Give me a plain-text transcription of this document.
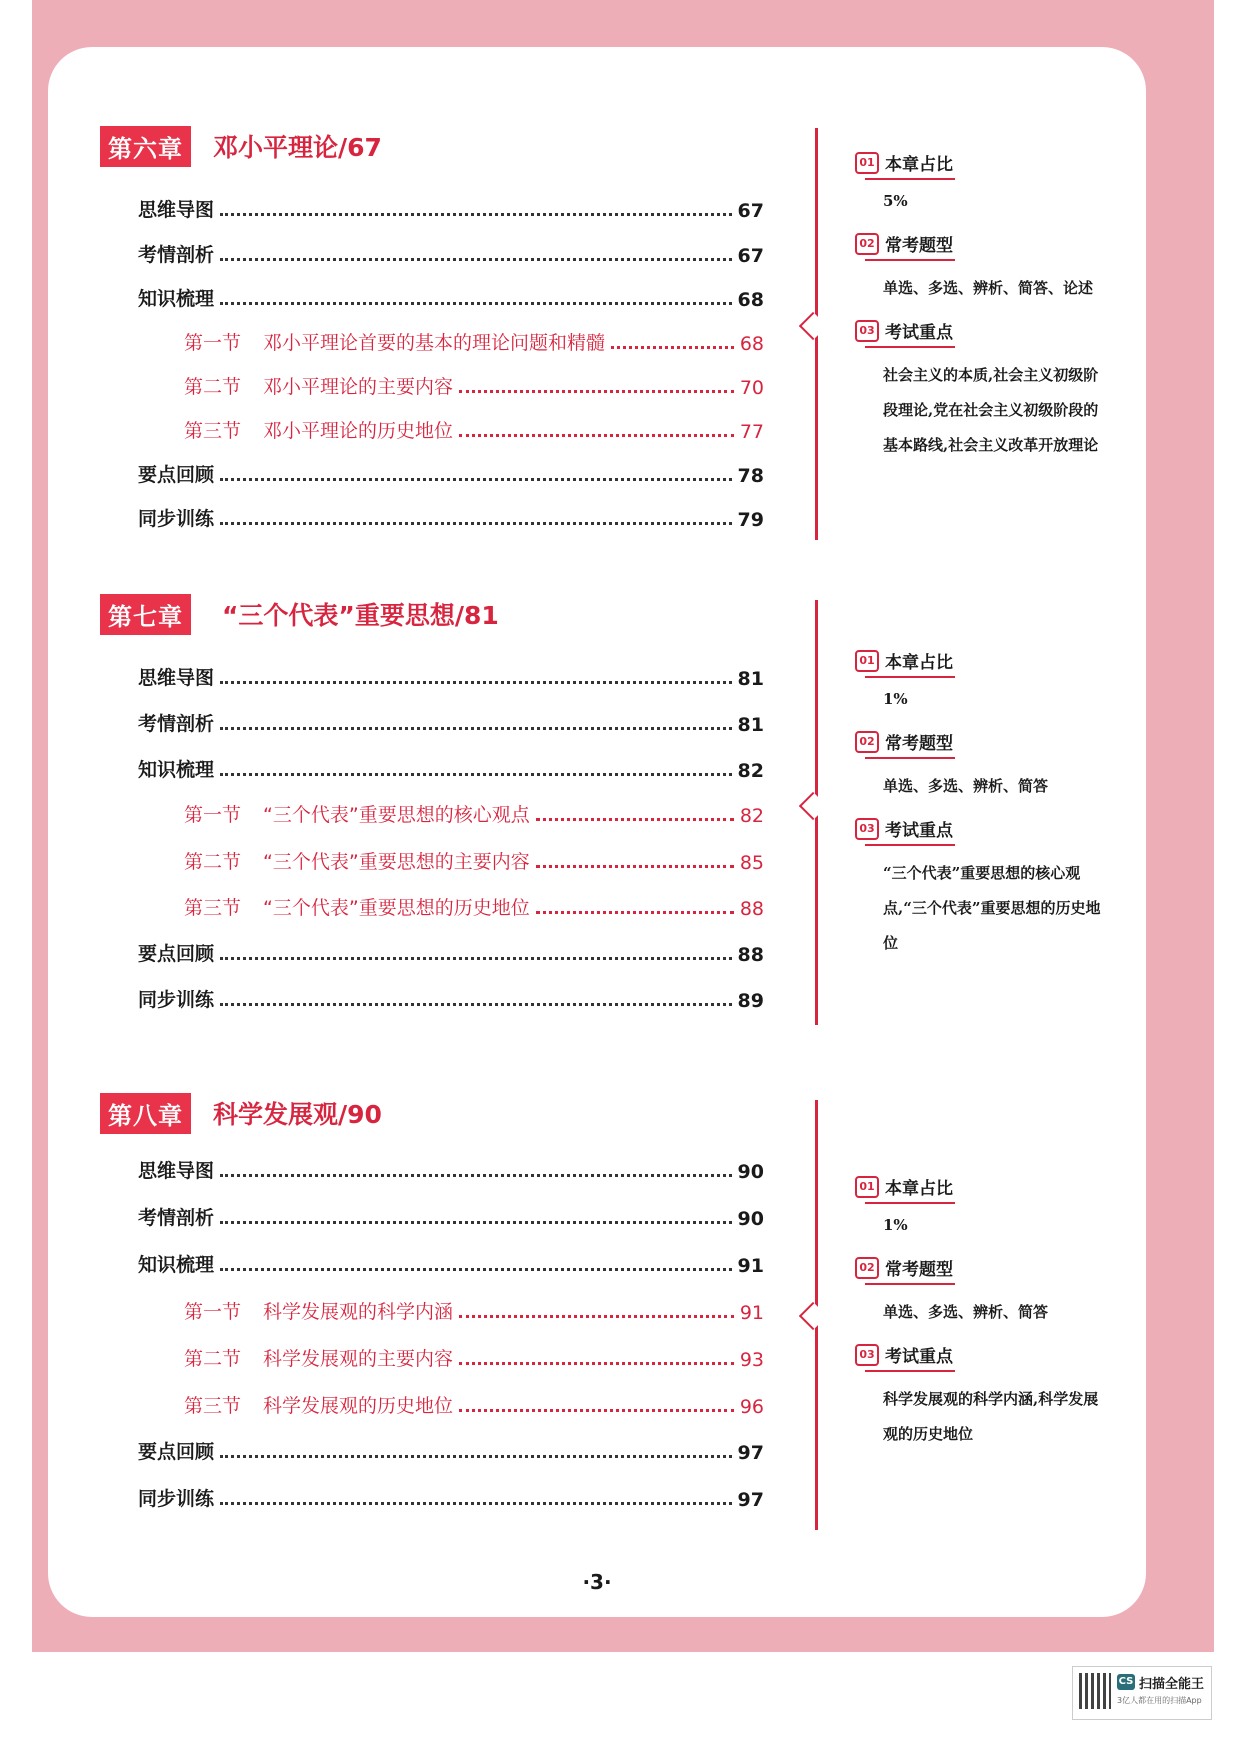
第六章	邓小平理论/67
思维导图	67
考情剖析	67
知识梳理	68
第一节 邓小平理论首要的基本的理论问题和精髓	68
第二节 邓小平理论的主要内容	70
第三节 邓小平理论的历史地位	77
要点回顾	78
同步训练	79
第七章	“三个代表”重要思想/81
思维导图	81
考情剖析	81
知识梳理	82
第一节 “三个代表”重要思想的核心观点	82
第二节 “三个代表”重要思想的主要内容	85
第三节 “三个代表”重要思想的历史地位	88
要点回顾	88
同步训练	89
第八章	科学发展观/90
思维导图	90
考情剖析	90
知识梳理	91
第一节 科学发展观的科学内涵	91
第二节 科学发展观的主要内容	93
第三节 科学发展观的历史地位	96
要点回顾	97
同步训练	97
01 本章占比
5%
02 常考题型
单选、多选、辨析、简答、论述
03 考试重点
社会主义的本质,社会主义初级阶段理论,党在社会主义初级阶段的基本路线,社会主义改革开放理论
01 本章占比
1%
02 常考题型
单选、多选、辨析、简答
03 考试重点
“三个代表”重要思想的核心观点,“三个代表”重要思想的历史地位
01 本章占比
1%
02 常考题型
单选、多选、辨析、简答
03 考试重点
科学发展观的科学内涵,科学发展观的历史地位
·3·
CS 扫描全能王
3亿人都在用的扫描App
